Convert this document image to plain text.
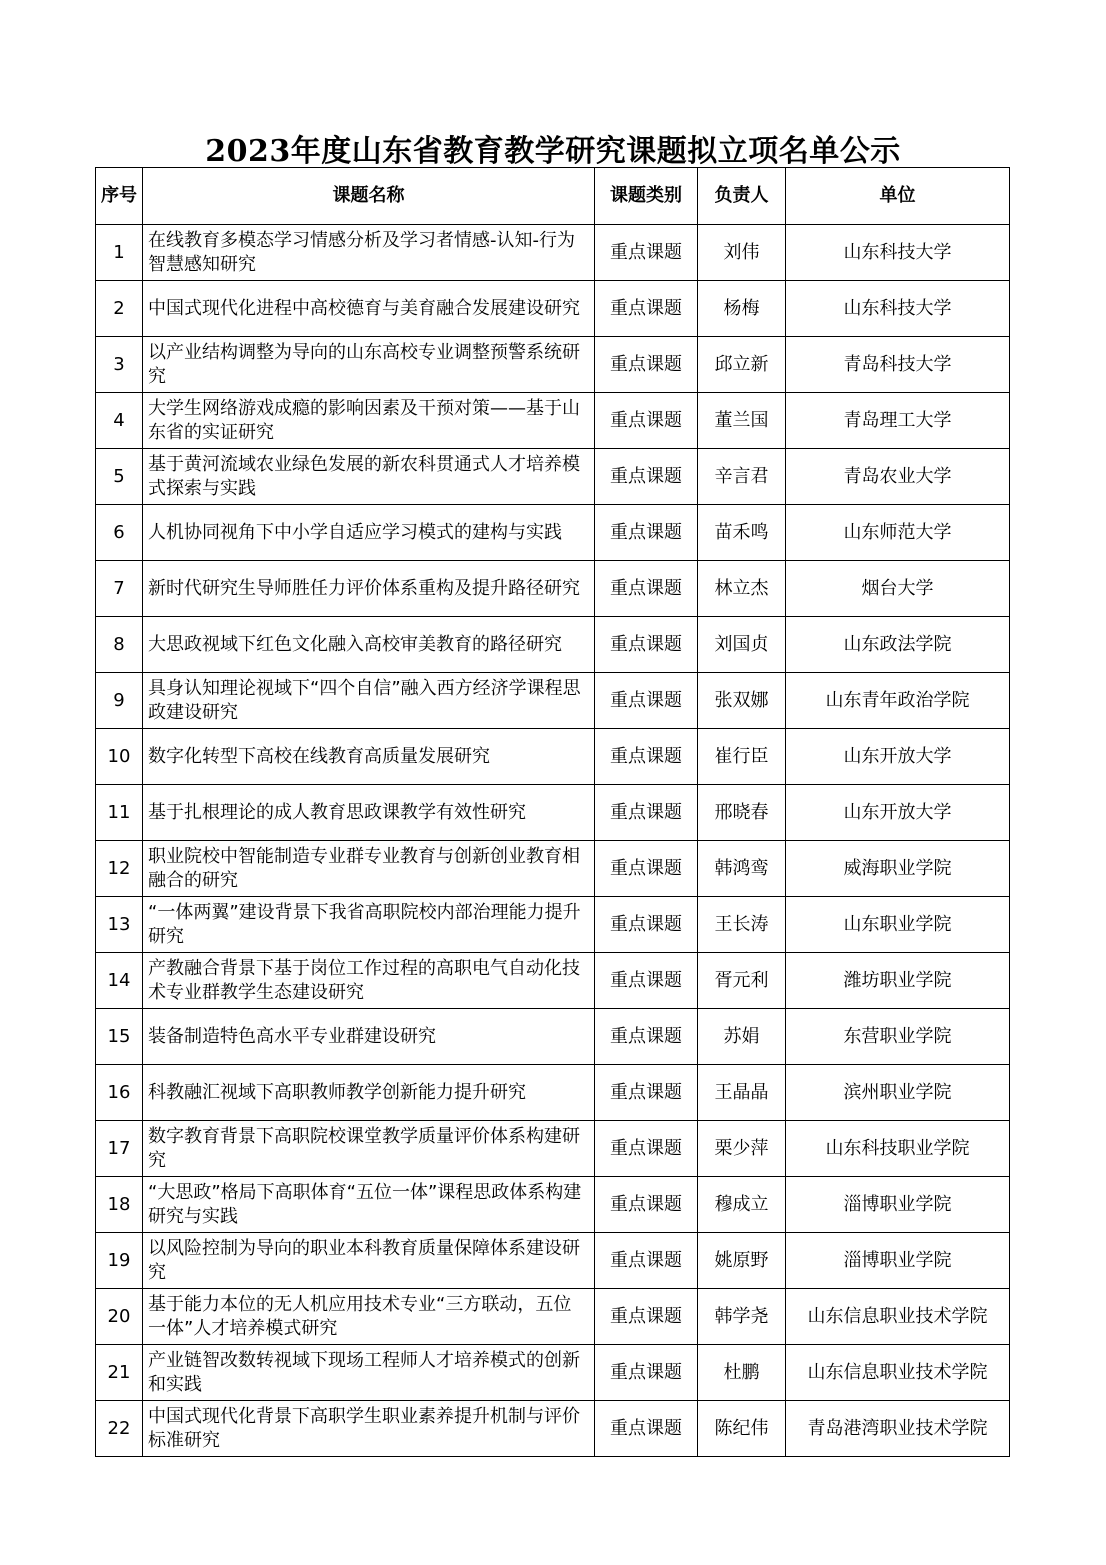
2023年度山东省教育教学研究课题拟立项名单公示
序号	课题名称	课题类别	负责人	单位
1	在线教育多模态学习情感分析及学习者情感-认知-行为智慧感知研究	重点课题	刘伟	山东科技大学
2	中国式现代化进程中高校德育与美育融合发展建设研究	重点课题	杨梅	山东科技大学
3	以产业结构调整为导向的山东高校专业调整预警系统研究	重点课题	邱立新	青岛科技大学
4	大学生网络游戏成瘾的影响因素及干预对策——基于山东省的实证研究	重点课题	董兰国	青岛理工大学
5	基于黄河流域农业绿色发展的新农科贯通式人才培养模式探索与实践	重点课题	辛言君	青岛农业大学
6	人机协同视角下中小学自适应学习模式的建构与实践	重点课题	苗禾鸣	山东师范大学
7	新时代研究生导师胜任力评价体系重构及提升路径研究	重点课题	林立杰	烟台大学
8	大思政视域下红色文化融入高校审美教育的路径研究	重点课题	刘国贞	山东政法学院
9	具身认知理论视域下“四个自信”融入西方经济学课程思政建设研究	重点课题	张双娜	山东青年政治学院
10	数字化转型下高校在线教育高质量发展研究	重点课题	崔行臣	山东开放大学
11	基于扎根理论的成人教育思政课教学有效性研究	重点课题	邢晓春	山东开放大学
12	职业院校中智能制造专业群专业教育与创新创业教育相融合的研究	重点课题	韩鸿鸾	威海职业学院
13	“一体两翼”建设背景下我省高职院校内部治理能力提升研究	重点课题	王长涛	山东职业学院
14	产教融合背景下基于岗位工作过程的高职电气自动化技术专业群教学生态建设研究	重点课题	胥元利	潍坊职业学院
15	装备制造特色高水平专业群建设研究	重点课题	苏娟	东营职业学院
16	科教融汇视域下高职教师教学创新能力提升研究	重点课题	王晶晶	滨州职业学院
17	数字教育背景下高职院校课堂教学质量评价体系构建研究	重点课题	栗少萍	山东科技职业学院
18	“大思政”格局下高职体育“五位一体”课程思政体系构建研究与实践	重点课题	穆成立	淄博职业学院
19	以风险控制为导向的职业本科教育质量保障体系建设研究	重点课题	姚原野	淄博职业学院
20	基于能力本位的无人机应用技术专业“三方联动，五位一体”人才培养模式研究	重点课题	韩学尧	山东信息职业技术学院
21	产业链智改数转视域下现场工程师人才培养模式的创新和实践	重点课题	杜鹏	山东信息职业技术学院
22	中国式现代化背景下高职学生职业素养提升机制与评价标准研究	重点课题	陈纪伟	青岛港湾职业技术学院
